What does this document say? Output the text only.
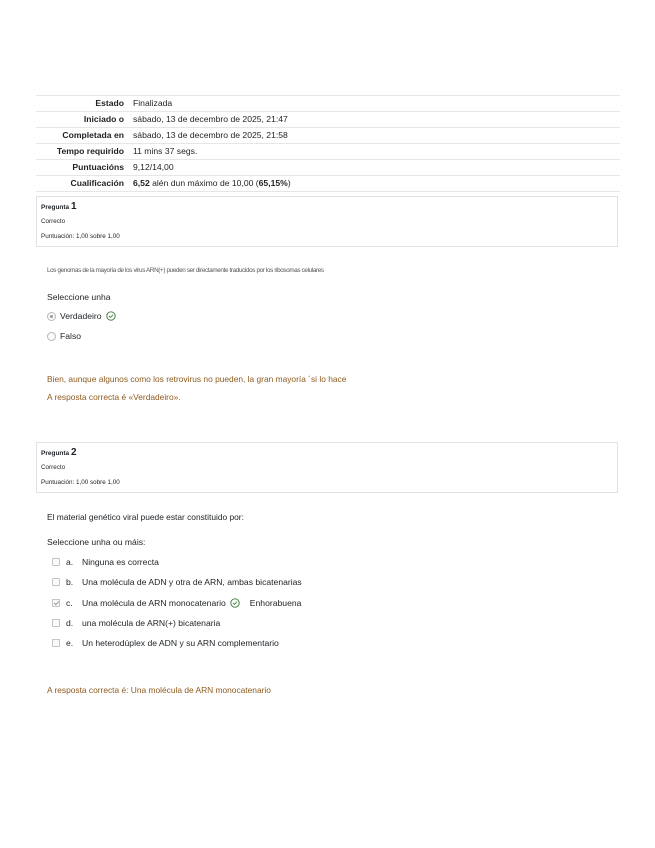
Estado	Finalizada
Iniciado o	sábado, 13 de decembro de 2025, 21:47
Completada en	sábado, 13 de decembro de 2025, 21:58
Tempo requirido	11 mins 37 segs.
Puntuacións	9,12/14,00
Cualificación	6,52 alén dun máximo de 10,00 (65,15%)
Pregunta 1
Correcto
Puntuación: 1,00 sobre 1,00
Los genomas de la mayoría de los virus ARN(+) pueden ser directamente traducidos por los ribosomas celulares
Seleccione unha
Verdadeiro
Falso
Bien, aunque algunos como los retrovirus no pueden, la gran mayoría ´si lo hace
A resposta correcta é «Verdadeiro».
Pregunta 2
Correcto
Puntuación: 1,00 sobre 1,00
El material genético viral puede estar constituido por:
Seleccione unha ou máis:
a.	Ninguna es correcta
b.	Una molécula de ADN y otra de ARN, ambas bicatenarias
c.	Una molécula de ARN monocatenario	Enhorabuena
d.	una molécula de ARN(+) bicatenaria
e.	Un heterodúplex de ADN y su ARN complementario
A resposta correcta é: Una molécula de ARN monocatenario
